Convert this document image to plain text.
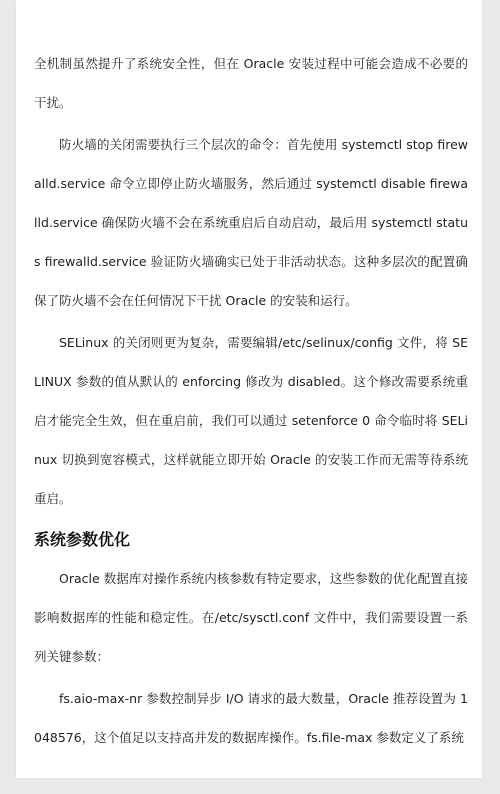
全机制虽然提升了系统安全性，但在 Oracle 安装过程中可能会造成不必要的干扰。

防火墙的关闭需要执行三个层次的命令：首先使用 systemctl stop firewalld.service 命令立即停止防火墙服务，然后通过 systemctl disable firewalld.service 确保防火墙不会在系统重启后自动启动，最后用 systemctl status firewalld.service 验证防火墙确实已处于非活动状态。这种多层次的配置确保了防火墙不会在任何情况下干扰 Oracle 的安装和运行。

SELinux 的关闭则更为复杂，需要编辑/etc/selinux/config 文件，将 SELINUX 参数的值从默认的 enforcing 修改为 disabled。这个修改需要系统重启才能完全生效，但在重启前，我们可以通过 setenforce 0 命令临时将 SELinux 切换到宽容模式，这样就能立即开始 Oracle 的安装工作而无需等待系统重启。

系统参数优化

Oracle 数据库对操作系统内核参数有特定要求，这些参数的优化配置直接影响数据库的性能和稳定性。在/etc/sysctl.conf 文件中，我们需要设置一系列关键参数：

fs.aio-max-nr 参数控制异步 I/O 请求的最大数量，Oracle 推荐设置为 1048576，这个值足以支持高并发的数据库操作。fs.file-max 参数定义了系统
